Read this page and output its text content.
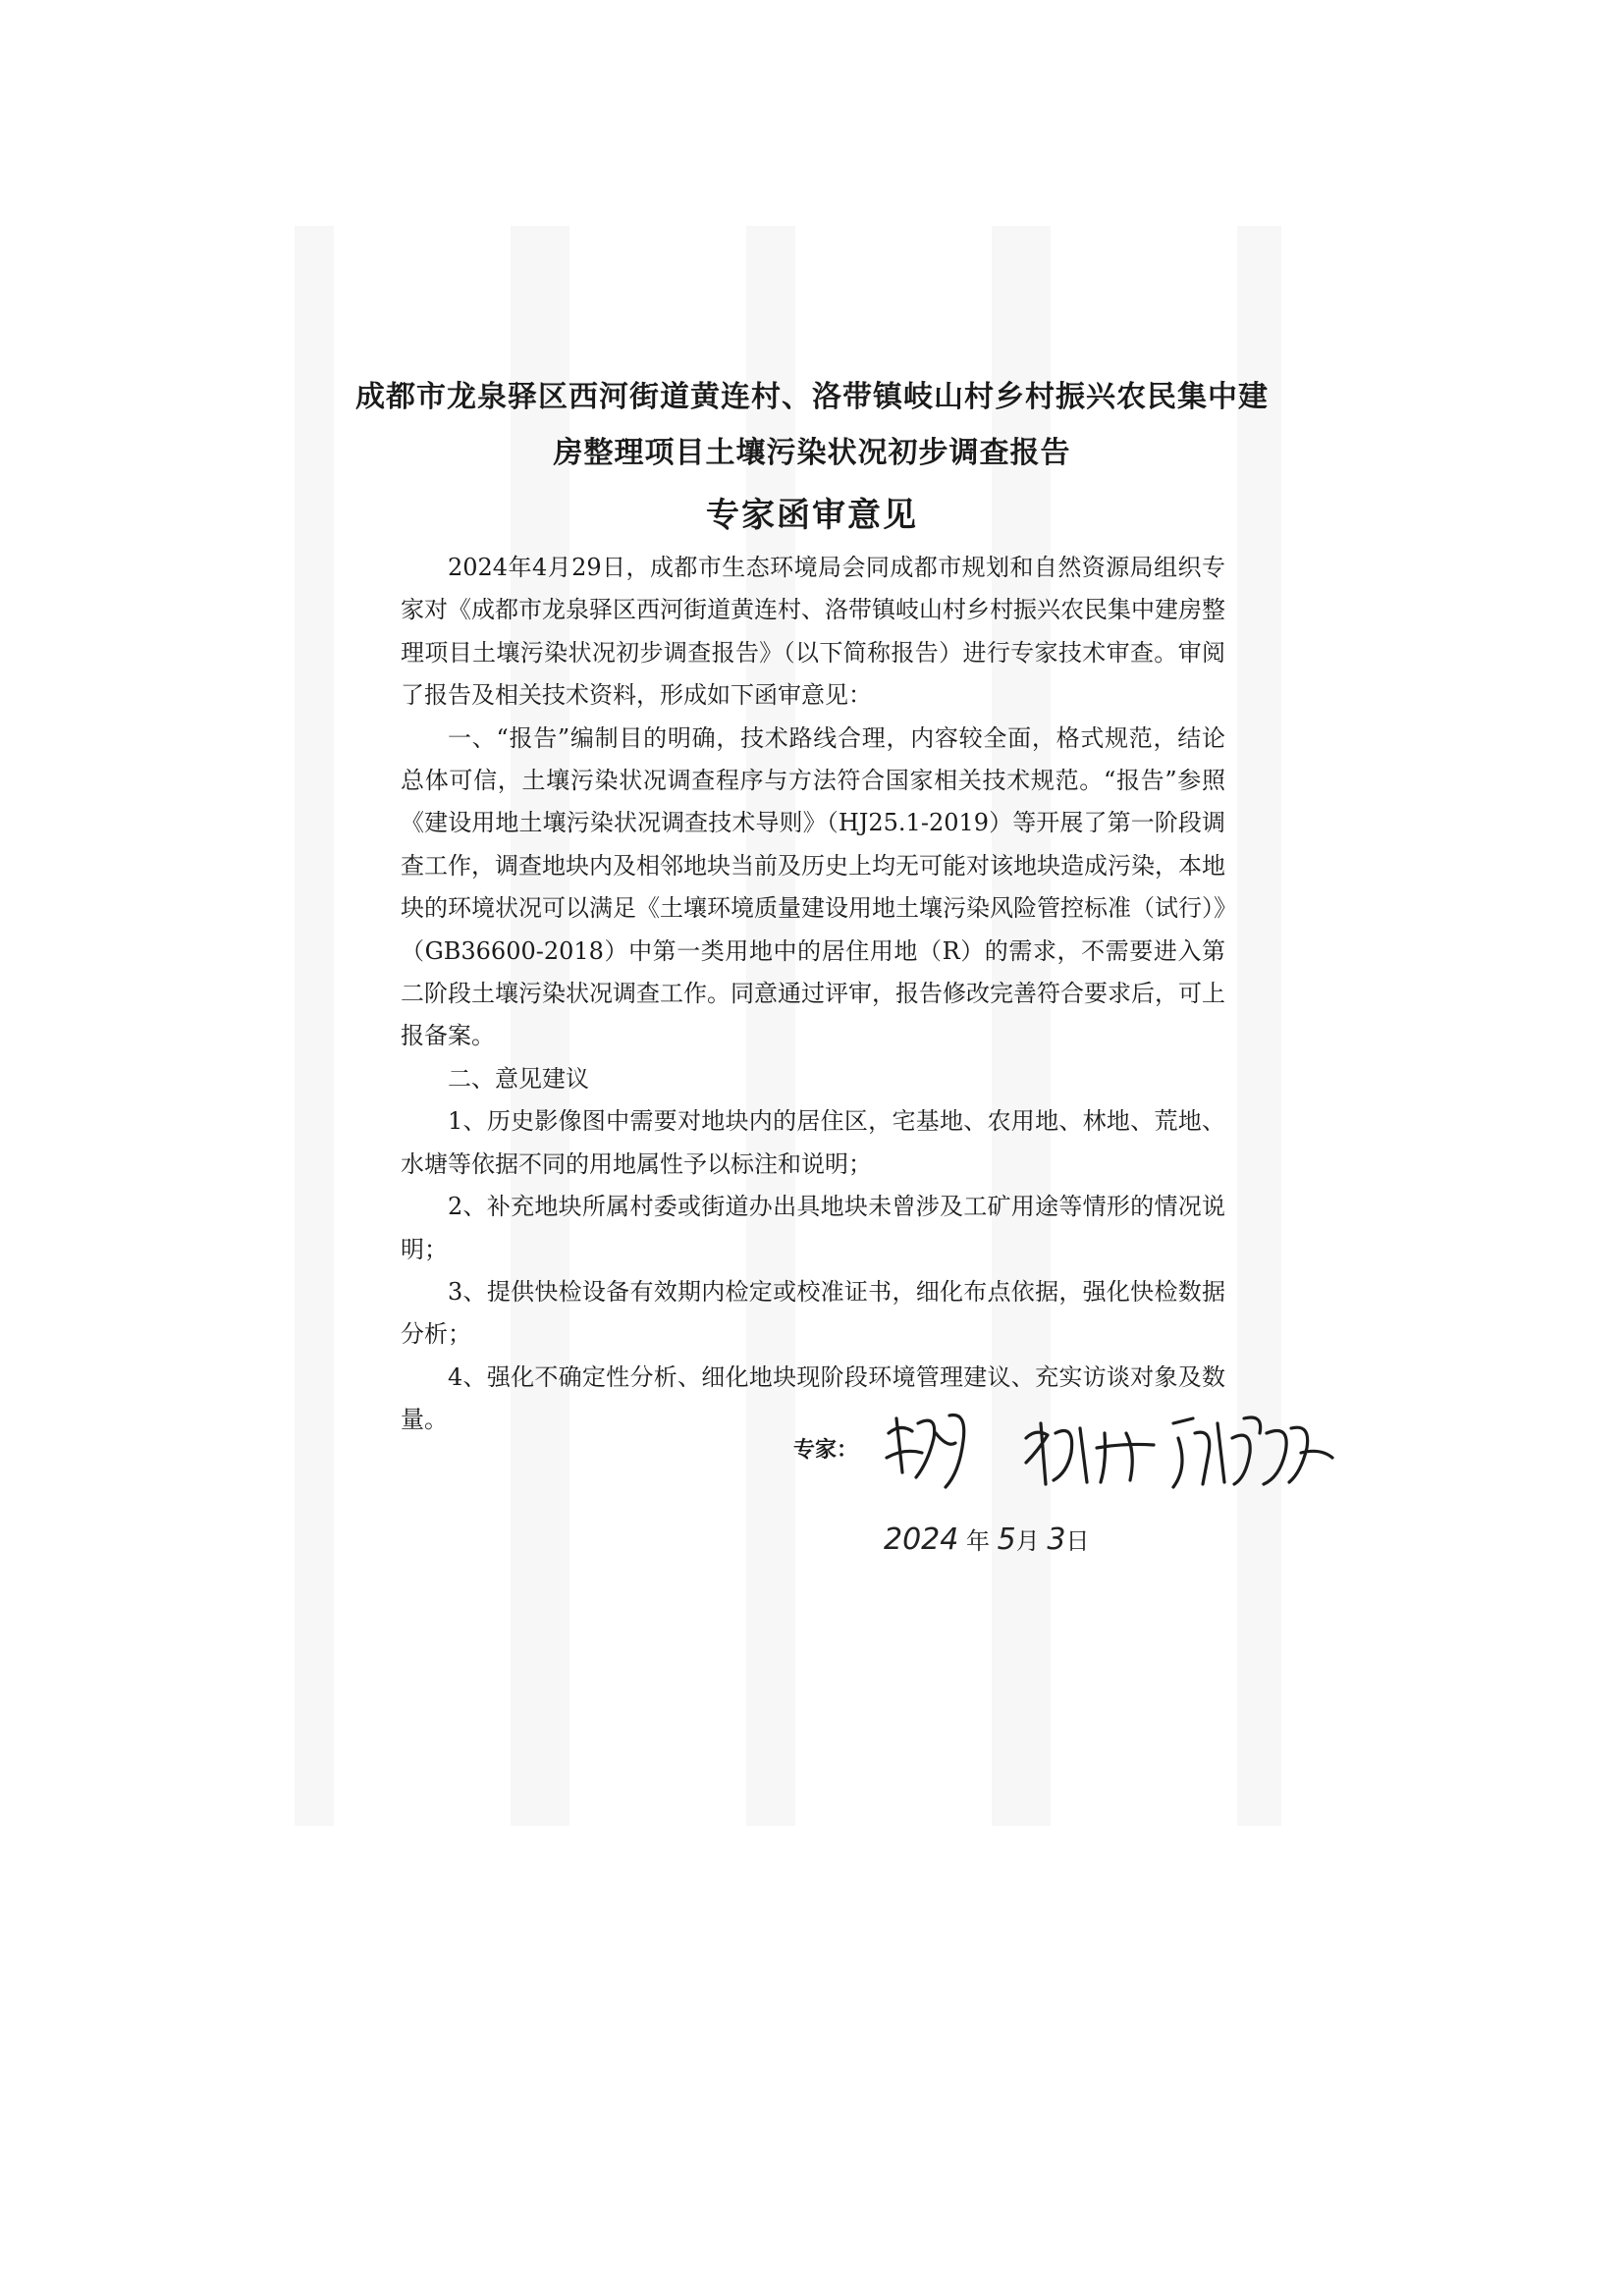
成都市龙泉驿区西河街道黄连村、洛带镇岐山村乡村振兴农民集中建
房整理项目土壤污染状况初步调查报告
专家函审意见

2024年4月29日，成都市生态环境局会同成都市规划和自然资源局组织专家对《成都市龙泉驿区西河街道黄连村、洛带镇岐山村乡村振兴农民集中建房整理项目土壤污染状况初步调查报告》（以下简称报告）进行专家技术审查。审阅了报告及相关技术资料，形成如下函审意见：

一、“报告”编制目的明确，技术路线合理，内容较全面，格式规范，结论总体可信，土壤污染状况调查程序与方法符合国家相关技术规范。“报告”参照《建设用地土壤污染状况调查技术导则》（HJ25.1-2019）等开展了第一阶段调查工作，调查地块内及相邻地块当前及历史上均无可能对该地块造成污染，本地块的环境状况可以满足《土壤环境质量建设用地土壤污染风险管控标准（试行）》（GB36600-2018）中第一类用地中的居住用地（R）的需求，不需要进入第二阶段土壤污染状况调查工作。同意通过评审，报告修改完善符合要求后，可上报备案。

二、意见建议

1、历史影像图中需要对地块内的居住区，宅基地、农用地、林地、荒地、水塘等依据不同的用地属性予以标注和说明；

2、补充地块所属村委或街道办出具地块未曾涉及工矿用途等情形的情况说明；

3、提供快检设备有效期内检定或校准证书，细化布点依据，强化快检数据分析；

4、强化不确定性分析、细化地块现阶段环境管理建议、充实访谈对象及数量。

专家：
2024 年 5月 3日
